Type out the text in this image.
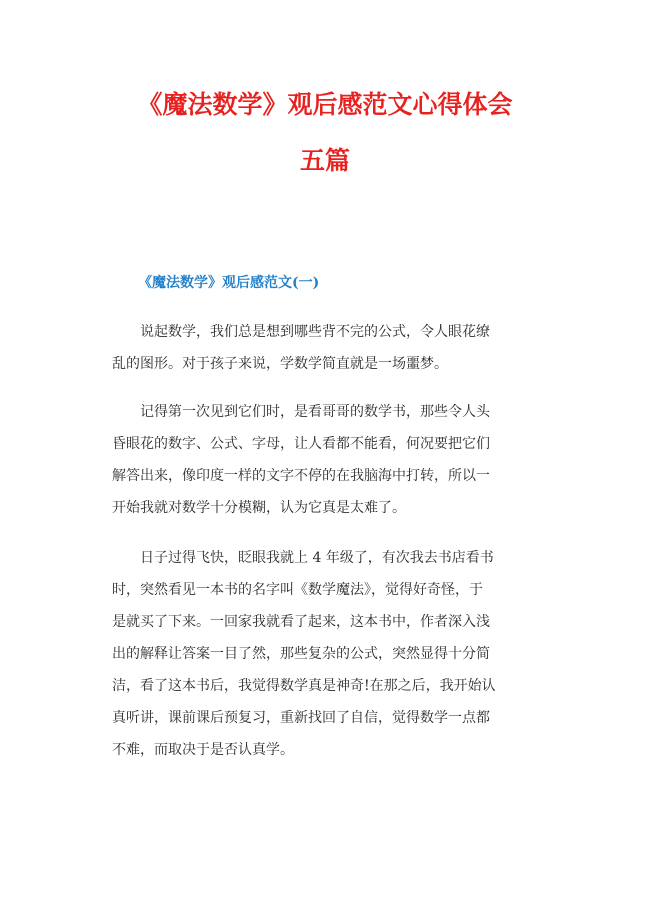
《魔法数学》观后感范文心得体会
五篇

《魔法数学》观后感范文(一)

说起数学，我们总是想到哪些背不完的公式，令人眼花缭
乱的图形。对于孩子来说，学数学简直就是一场噩梦。
记得第一次见到它们时，是看哥哥的数学书，那些令人头
昏眼花的数字、公式、字母，让人看都不能看，何况要把它们
解答出来，像印度一样的文字不停的在我脑海中打转，所以一
开始我就对数学十分模糊，认为它真是太难了。
日子过得飞快，眨眼我就上 4 年级了，有次我去书店看书
时，突然看见一本书的名字叫《数学魔法》，觉得好奇怪，于
是就买了下来。一回家我就看了起来，这本书中，作者深入浅
出的解释让答案一目了然，那些复杂的公式，突然显得十分简
洁，看了这本书后，我觉得数学真是神奇!在那之后，我开始认
真听讲，课前课后预复习，重新找回了自信，觉得数学一点都
不难，而取决于是否认真学。
